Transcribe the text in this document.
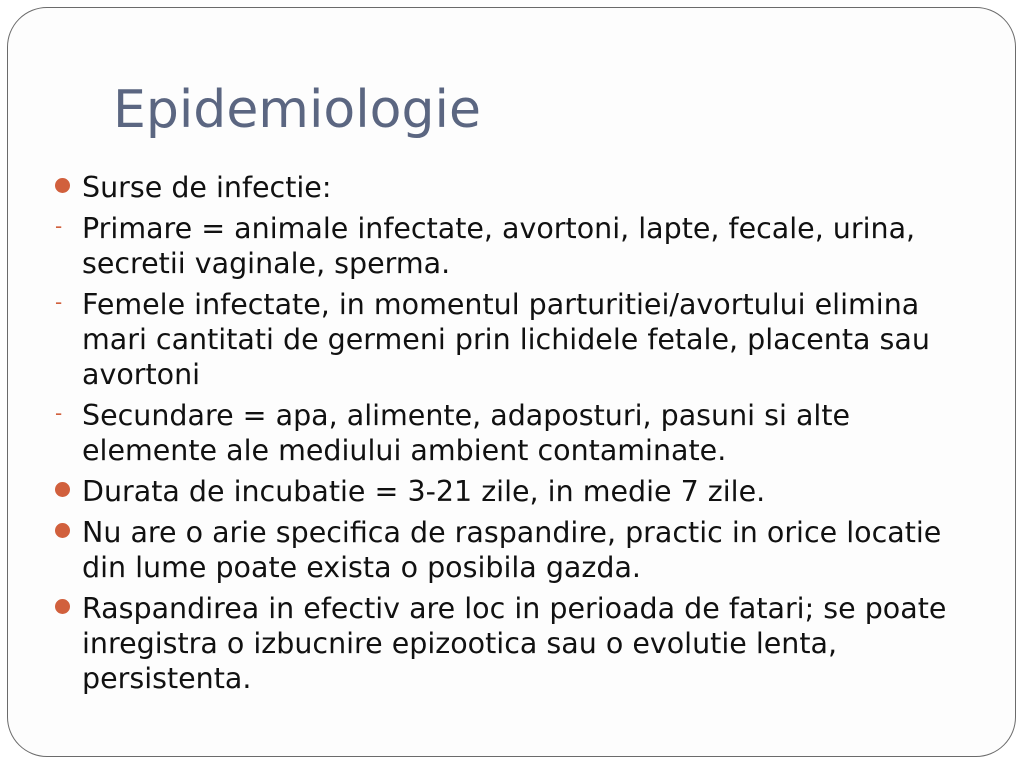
Epidemiologie
Surse de infectie:
- Primare = animale infectate, avortoni, lapte, fecale, urina, secretii vaginale, sperma.
- Femele infectate, in momentul parturitiei/avortului elimina mari cantitati de germeni prin lichidele fetale, placenta sau avortoni
- Secundare = apa, alimente, adaposturi, pasuni si alte elemente ale mediului ambient contaminate.
Durata de incubatie = 3-21 zile, in medie 7 zile.
Nu are o arie specifica de raspandire, practic in orice locatie din lume poate exista o posibila gazda.
Raspandirea in efectiv are loc in perioada de fatari; se poate inregistra o izbucnire epizootica sau o evolutie lenta, persistenta.
